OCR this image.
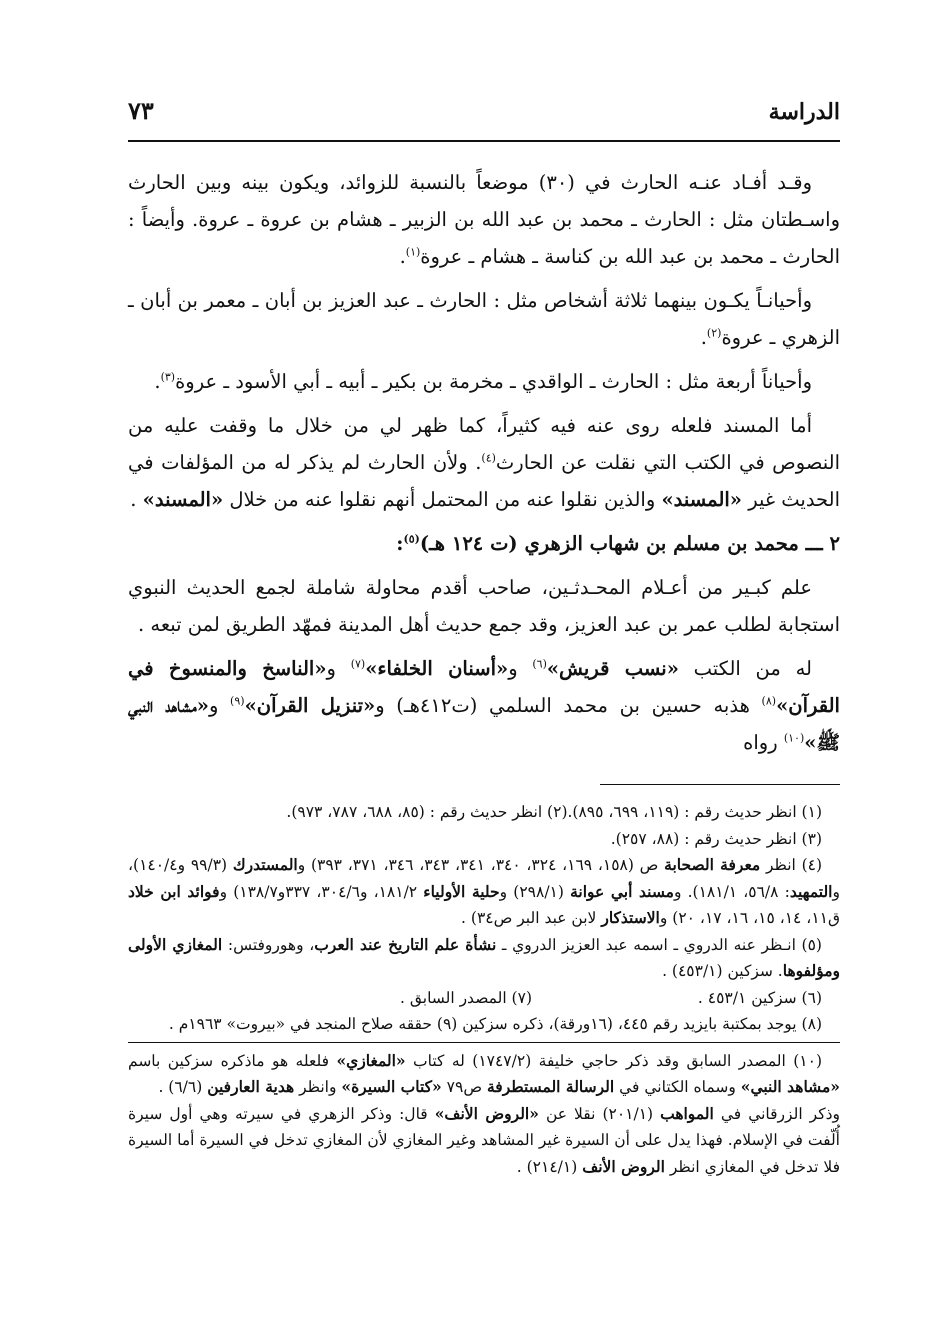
الدراسة
٧٣

وقـد أفـاد عنـه الحارث في (٣٠) موضعاً بالنسبة للزوائد، ويكون بينه وبين الحارث واسـطتان مثل : الحارث ـ محمد بن عبد الله بن الزبير ـ هشام بن عروة ـ عروة. وأيضاً : الحارث ـ محمد بن عبد الله بن كناسة ـ هشام ـ عروة$^{(١)}$.

وأحيانـاً يكـون بينهما ثلاثة أشخاص مثل : الحارث ـ عبد العزيز بن أبان ـ معمر بن أبان ـ الزهري ـ عروة$^{(٢)}$.

وأحياناً أربعة مثل : الحارث ـ الواقدي ـ مخرمة بن بكير ـ أبيه ـ أبي الأسود ـ عروة$^{(٣)}$.

أما المسند فلعله روى عنه فيه كثيراً، كما ظهر لي من خلال ما وقفت عليه من النصوص في الكتب التي نقلت عن الحارث$^{(٤)}$. ولأن الحارث لم يذكر له من المؤلفات في الحديث غير «المسند» والذين نقلوا عنه من المحتمل أنهم نقلوا عنه من خلال «المسند» .

٢ ـــ محمد بن مسلم بن شهاب الزهري (ت ١٢٤ هـ)$^{(٥)}$:

علم كبـير من أعـلام المحـدثـين، صاحب أقدم محاولة شاملة لجمع الحديث النبوي استجابة لطلب عمر بن عبد العزيز، وقد جمع حديث أهل المدينة فمهّد الطريق لمن تبعه .

له من الكتب «نسب قريش»$^{(٦)}$ و«أسنان الخلفاء»$^{(٧)}$ و«الناسخ والمنسوخ في القرآن»$^{(٨)}$ هذبه حسين بن محمد السلمي (ت٤١٢هـ) و«تنزيل القرآن»$^{(٩)}$ و«مشاهد النبي ﷺ»$^{(١٠)}$ رواه

(١) انظر حديث رقم : (١١٩، ٦٩٩، ٨٩٥).(٢) انظر حديث رقم : (٨٥، ٦٨٨، ٧٨٧، ٩٧٣).

(٣) انظر حديث رقم : (٨٨، ٢٥٧).

(٤) انظر معرفة الصحابة ص (١٥٨، ١٦٩، ٣٢٤، ٣٤٠، ٣٤١، ٣٤٣، ٣٤٦، ٣٧١، ٣٩٣) والمستدرك (٩٩/٣ و١٤٠/٤)، والتمهيد: ٥٦/٨، ١٨١/١). ومسند أبي عوانة (٢٩٨/١) وحلية الأولياء ١٨١/٢، و٣٠٤/٦، ٣٣٧و١٣٨/٧) وفوائد ابن خلاد ق١١، ١٤، ١٥، ١٦، ١٧، ٢٠) والاستذكار لابن عبد البر ص٣٤) .

(٥) انـظر عنه الدروي ـ اسمه عبد العزيز الدروي ـ نشأة علم التاريخ عند العرب، وهوروفتس: المغازي الأولى ومؤلفوها. سزكين (٤٥٣/١) .

(٦) سزكين ٤٥٣/١ .
(٧) المصدر السابق .

(٨) يوجد بمكتبة بايزيد رقم ٤٤٥، (١٦ورقة)، ذكره سزكين (٩) حققه صلاح المنجد في «بيروت» ١٩٦٣م .

(١٠) المصدر السابق وقد ذكر حاجي خليفة (١٧٤٧/٢) له كتاب «المغازي» فلعله هو ماذكره سزكين باسم «مشاهد النبي» وسماه الكتاني في الرسالة المستطرفة ص٧٩ «كتاب السيرة» وانظر هدية العارفين (٦/٦) .

وذكر الزرقاني في المواهب (٢٠١/١) نقلا عن «الروض الأنف» قال: وذكر الزهري في سيرته وهي أول سيرة أُلّفت في الإسلام. فهذا يدل على أن السيرة غير المشاهد وغير المغازي لأن المغازي تدخل في السيرة أما السيرة فلا تدخل في المغازي انظر الروض الأنف (٢١٤/١) .
